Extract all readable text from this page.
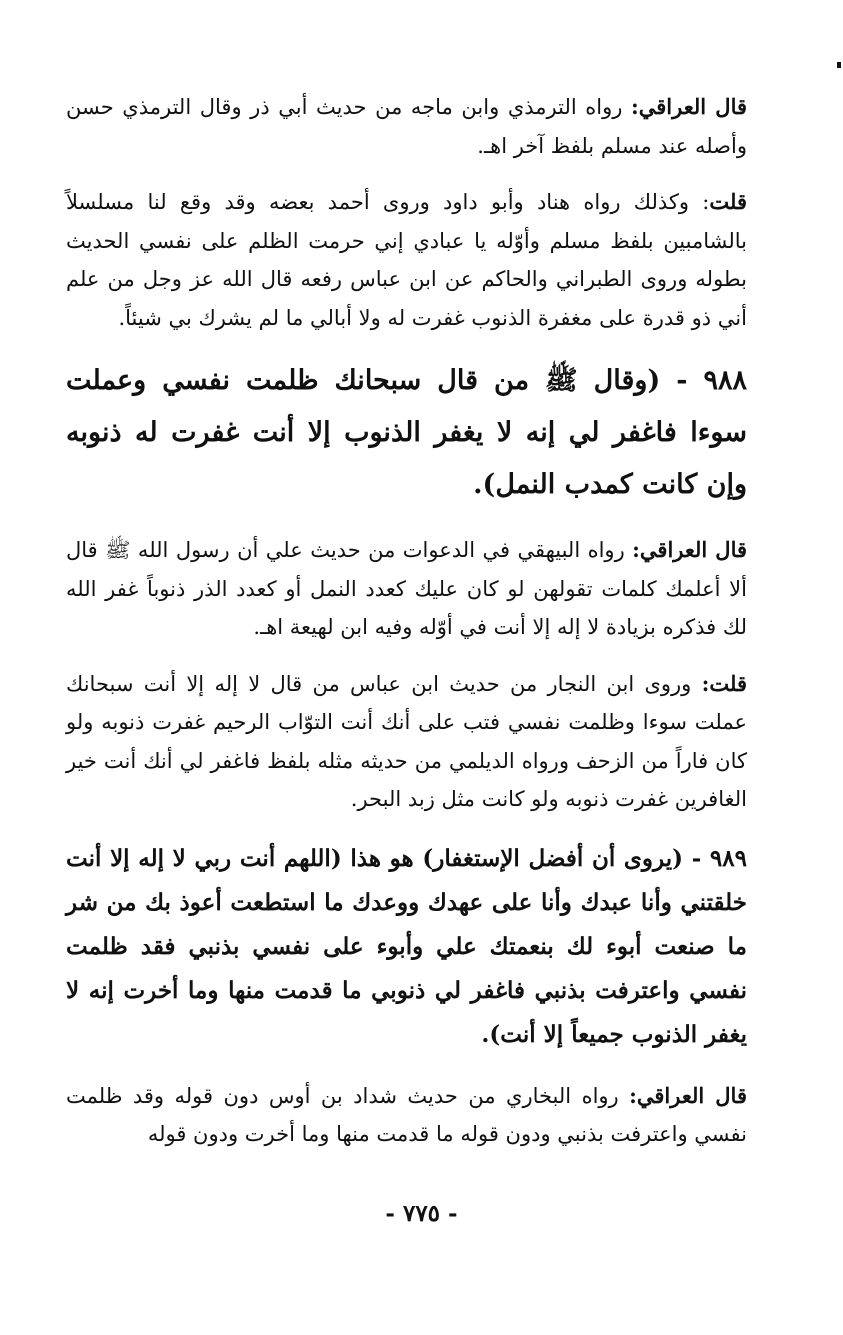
قال العراقي: رواه الترمذي وابن ماجه من حديث أبي ذر وقال الترمذي حسن وأصله عند مسلم بلفظ آخر اهـ.

قلت: وكذلك رواه هناد وأبو داود وروى أحمد بعضه وقد وقع لنا مسلسلاً بالشامبين بلفظ مسلم وأوّله يا عبادي إني حرمت الظلم على نفسي الحديث بطوله وروى الطبراني والحاكم عن ابن عباس رفعه قال الله عز وجل من علم أني ذو قدرة على مغفرة الذنوب غفرت له ولا أبالي ما لم يشرك بي شيئاً.

٩٨٨ - (وقال ﷺ من قال سبحانك ظلمت نفسي وعملت سوءا فاغفر لي إنه لا يغفر الذنوب إلا أنت غفرت له ذنوبه وإن كانت كمدب النمل).

قال العراقي: رواه البيهقي في الدعوات من حديث علي أن رسول الله ﷺ قال ألا أعلمك كلمات تقولهن لو كان عليك كعدد النمل أو كعدد الذر ذنوباً غفر الله لك فذكره بزيادة لا إله إلا أنت في أوّله وفيه ابن لهيعة اهـ.

قلت: وروى ابن النجار من حديث ابن عباس من قال لا إله إلا أنت سبحانك عملت سوءا وظلمت نفسي فتب على أنك أنت التوّاب الرحيم غفرت ذنوبه ولو كان فاراً من الزحف ورواه الديلمي من حديثه مثله بلفظ فاغفر لي أنك أنت خير الغافرين غفرت ذنوبه ولو كانت مثل زبد البحر.

٩٨٩ - (يروى أن أفضل الإستغفار) هو هذا (اللهم أنت ربي لا إله إلا أنت خلقتني وأنا عبدك وأنا على عهدك ووعدك ما استطعت أعوذ بك من شر ما صنعت أبوء لك بنعمتك علي وأبوء على نفسي بذنبي فقد ظلمت نفسي واعترفت بذنبي فاغفر لي ذنوبي ما قدمت منها وما أخرت إنه لا يغفر الذنوب جميعاً إلا أنت).

قال العراقي: رواه البخاري من حديث شداد بن أوس دون قوله وقد ظلمت نفسي واعترفت بذنبي ودون قوله ما قدمت منها وما أخرت ودون قوله

- ٧٧٥ -
